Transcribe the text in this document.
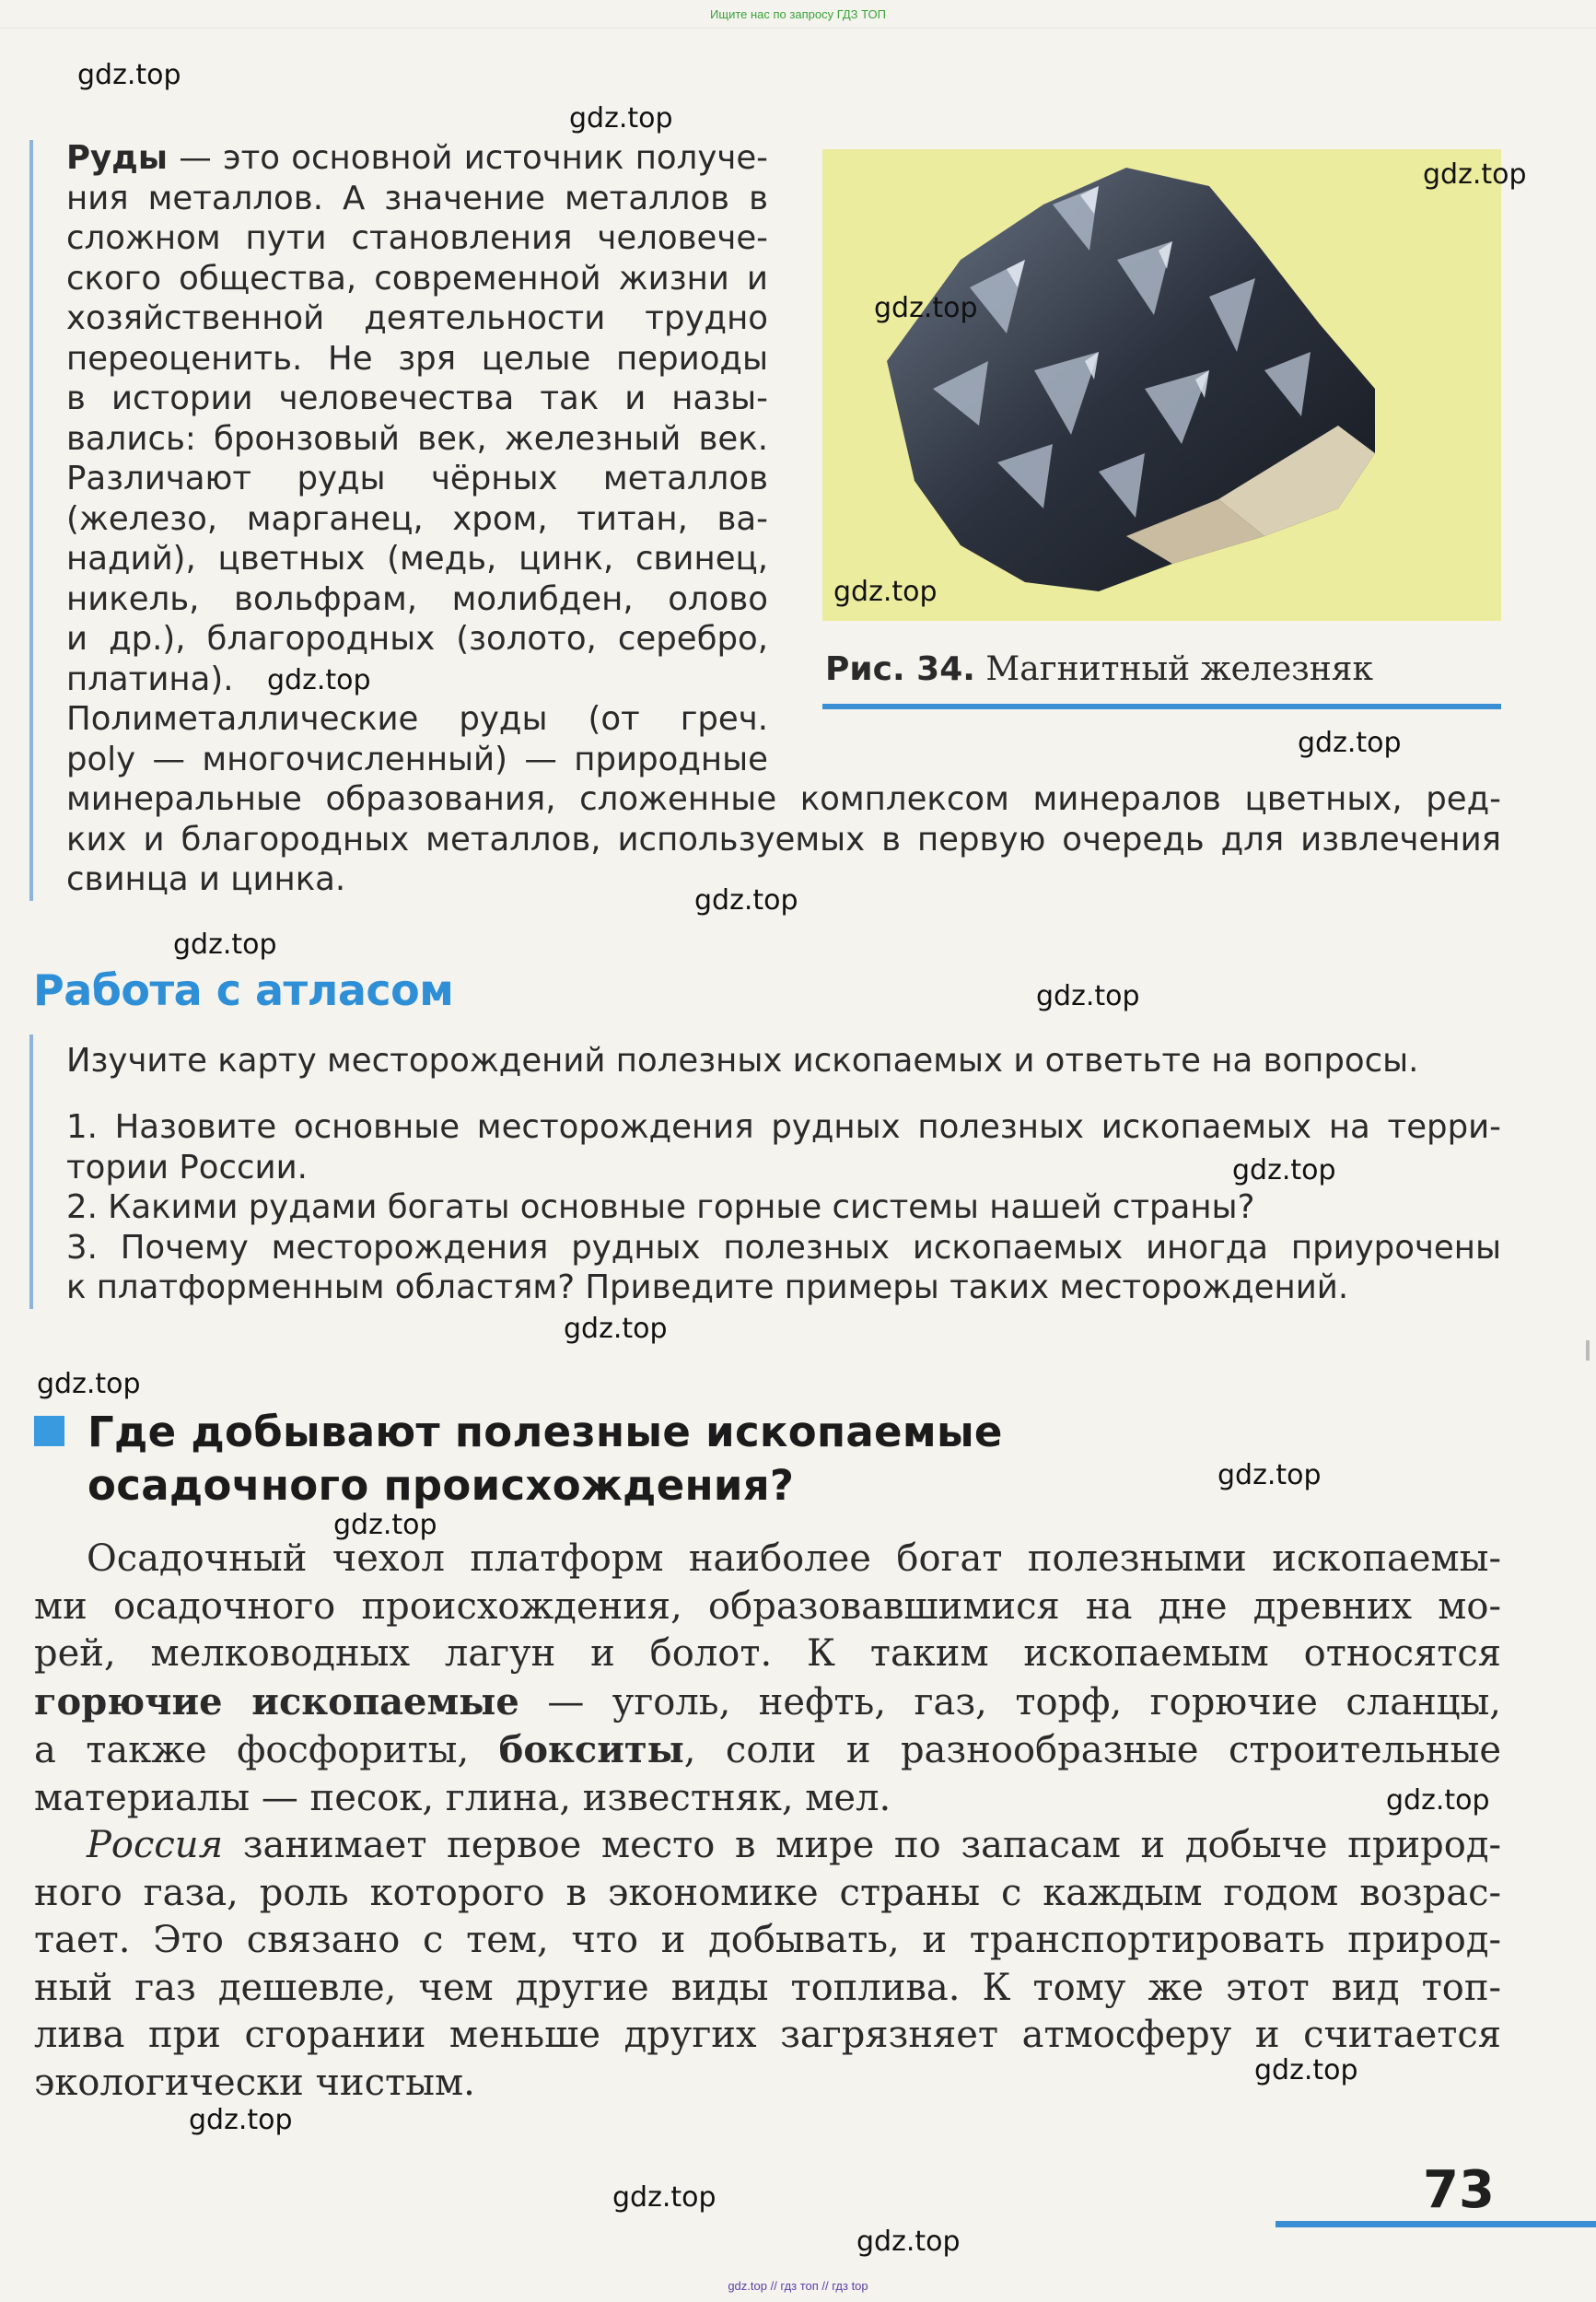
Ищите нас по запросу ГДЗ ТОП
Руды — это основной источник получе-
ния металлов. А значение металлов в
сложном пути становления человече-
ского общества, современной жизни и
хозяйственной деятельности трудно
переоценить. Не зря целые периоды
в истории человечества так и назы-
вались: бронзовый век, железный век.
Различают руды чёрных металлов
(железо, марганец, хром, титан, ва-
надий), цветных (медь, цинк, свинец,
никель, вольфрам, молибден, олово
и др.), благородных (золото, серебро,
платина).
Полиметаллические руды (от греч.
poly — многочисленный) — природные
минеральные образования, сложенные комплексом минералов цветных, ред-
ких и благородных металлов, используемых в первую очередь для извлечения
свинца и цинка.
Рис. 34. Магнитный железняк
Работа с атласом
Изучите карту месторождений полезных ископаемых и ответьте на вопросы.
1. Назовите основные месторождения рудных полезных ископаемых на терри-
тории России.
2. Какими рудами богаты основные горные системы нашей страны?
3. Почему месторождения рудных полезных ископаемых иногда приурочены
к платформенным областям? Приведите примеры таких месторождений.
Где добывают полезные ископаемые
осадочного происхождения?
Осадочный чехол платформ наиболее богат полезными ископаемы-
ми осадочного происхождения, образовавшимися на дне древних мо-
рей, мелководных лагун и болот. К таким ископаемым относятся
горючие ископаемые — уголь, нефть, газ, торф, горючие сланцы,
а также фосфориты, бокситы, соли и разнообразные строительные
материалы — песок, глина, известняк, мел.
Россия занимает первое место в мире по запасам и добыче природ-
ного газа, роль которого в экономике страны с каждым годом возрас-
тает. Это связано с тем, что и добывать, и транспортировать природ-
ный газ дешевле, чем другие виды топлива. К тому же этот вид топ-
лива при сгорании меньше других загрязняет атмосферу и считается
экологически чистым.
73
gdz.top
gdz.top
gdz.top
gdz.top
gdz.top
gdz.top
gdz.top
gdz.top
gdz.top
gdz.top
gdz.top
gdz.top
gdz.top
gdz.top
gdz.top
gdz.top
gdz.top
gdz.top
gdz.top
gdz.top
gdz.top // гдз топ // гдз top
